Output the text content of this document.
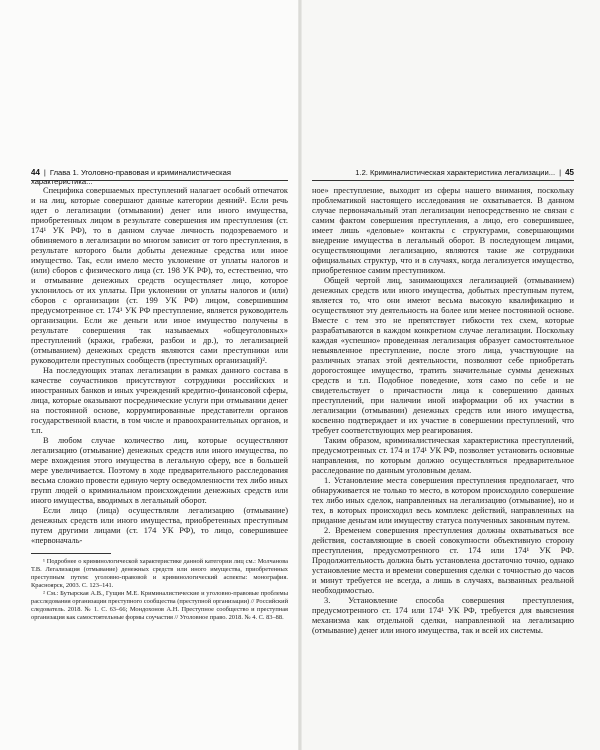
44 | Глава 1. Уголовно-правовая и криминалистическая характеристика...

Специфика совершаемых преступлений налагает особый отпечаток и на лиц, которые совершают данные категории деяний¹. Если речь идет о легализации (отмывании) денег или иного имущества, приобретенных лицом в результате совершения им преступления (ст. 174¹ УК РФ), то в данном случае личность подозреваемого и обвиняемого в легализации во многом зависит от того преступления, в результате которого были добыты денежные средства или иное имущество. Так, если имело место уклонение от уплаты налогов и (или) сборов с физического лица (ст. 198 УК РФ), то, естественно, что и отмывание денежных средств осуществляет лицо, которое уклонилось от их уплаты. При уклонении от уплаты налогов и (или) сборов с организации (ст. 199 УК РФ) лицом, совершившим предусмотренное ст. 174¹ УК РФ преступление, является руководитель организации. Если же деньги или иное имущество получены в результате совершения так называемых «общеуголовных» преступлений (кражи, грабежи, разбои и др.), то легализацией (отмыванием) денежных средств являются сами преступники или руководители преступных сообществ (преступных организаций)².

На последующих этапах легализации в рамках данного состава в качестве соучастников присутствуют сотрудники российских и иностранных банков и иных учреждений кредитно-финансовой сферы, лица, которые оказывают посреднические услуги при отмывании денег на постоянной основе, коррумпированные представители органов государственной власти, в том числе и правоохранительных органов, и т.п.

В любом случае количество лиц, которые осуществляют легализацию (отмывание) денежных средств или иного имущества, по мере вхождения этого имущества в легальную сферу, все в большей мере увеличивается. Поэтому в ходе предварительного расследования весьма сложно провести единую черту осведомленности тех либо иных групп людей о криминальном происхождении денежных средств или иного имущества, вводимых в легальный оборот.

Если лицо (лица) осуществляли легализацию (отмывание) денежных средств или иного имущества, приобретенных преступным путем другими лицами (ст. 174 УК РФ), то лицо, совершившее «первоначаль-

¹ Подробнее о криминологической характеристике данной категории лиц см.: Молчанова Т.В. Легализация (отмывание) денежных средств или иного имущества, приобретенных преступным путем: уголовно-правовой и криминологический аспекты: монография. Красноярск, 2003. С. 123–141.

² См.: Бутырская А.В., Гущин М.Е. Криминалистические и уголовно-правовые проблемы расследования организации преступного сообщества (преступной организации) // Российский следователь. 2018. № 1. С. 63–66; Мондохонов А.Н. Преступное сообщество и преступная организация как самостоятельные формы соучастия // Уголовное право. 2018. № 4. С. 83–88.

1.2. Криминалистическая характеристика легализации... | 45

ное» преступление, выходит из сферы нашего внимания, поскольку проблематикой настоящего исследования не охватывается. В данном случае первоначальный этап легализации непосредственно не связан с самим фактом совершения преступления, а лицо, его совершившее, имеет лишь «деловые» контакты с структурами, совершающими внедрение имущества в легальный оборот. В последующем лицами, осуществляющими легализацию, являются такие же сотрудники официальных структур, что и в случаях, когда легализуется имущество, приобретенное самим преступником.

Общей чертой лиц, занимающихся легализацией (отмыванием) денежных средств или иного имущества, добытых преступным путем, является то, что они имеют весьма высокую квалификацию и осуществляют эту деятельность на более или менее постоянной основе. Вместе с тем это не препятствует гибкости тех схем, которые разрабатываются в каждом конкретном случае легализации. Поскольку каждая «успешно» проведенная легализация образует самостоятельное невыявленное преступление, после этого лица, участвующие на различных этапах этой деятельности, позволяют себе приобретать дорогостоящее имущество, тратить значительные суммы денежных средств и т.п. Подобное поведение, хотя само по себе и не свидетельствует о причастности лица к совершению данных преступлений, при наличии иной информации об их участии в легализации (отмывании) денежных средств или иного имущества, косвенно подтверждает и их участие в совершении преступлений, что требует соответствующих мер реагирования.

Таким образом, криминалистическая характеристика преступлений, предусмотренных ст. 174 и 174¹ УК РФ, позволяет установить основные направления, по которым должно осуществляться предварительное расследование по данным уголовным делам.

1. Установление места совершения преступления предполагает, что обнаруживается не только то место, в котором происходило совершение тех либо иных сделок, направленных на легализацию (отмывание), но и тех, в которых происходил весь комплекс действий, направленных на придание деньгам или имуществу статуса полученных законным путем.

2. Временем совершения преступления должны охватываться все действия, составляющие в своей совокупности объективную сторону преступления, предусмотренного ст. 174 или 174¹ УК РФ. Продолжительность должна быть установлена достаточно точно, однако установление места и времени совершения сделки с точностью до часов и минут требуется не всегда, а лишь в случаях, вызванных реальной необходимостью.

3. Установление способа совершения преступления, предусмотренного ст. 174 или 174¹ УК РФ, требуется для выяснения механизма как отдельной сделки, направленной на легализацию (отмывание) денег или иного имущества, так и всей их системы.
